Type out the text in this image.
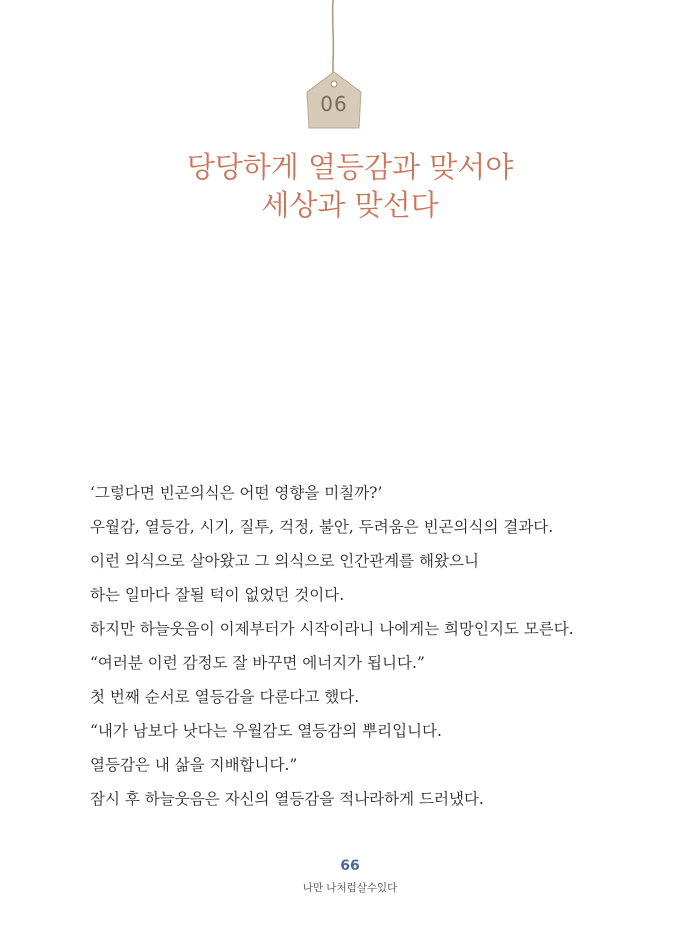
06
당당하게 열등감과 맞서야
세상과 맞선다

‘그렇다면 빈곤의식은 어떤 영향을 미칠까?’

우월감, 열등감, 시기, 질투, 걱정, 불안, 두려움은 빈곤의식의 결과다.

이런 의식으로 살아왔고 그 의식으로 인간관계를 해왔으니

하는 일마다 잘될 턱이 없었던 것이다.

하지만 하늘웃음이 이제부터가 시작이라니 나에게는 희망인지도 모른다.

“여러분 이런 감정도 잘 바꾸면 에너지가 됩니다.”

첫 번째 순서로 열등감을 다룬다고 했다.

“내가 남보다 낫다는 우월감도 열등감의 뿌리입니다.

열등감은 내 삶을 지배합니다.”

잠시 후 하늘웃음은 자신의 열등감을 적나라하게 드러냈다.

66
나만 나처럼살수있다
